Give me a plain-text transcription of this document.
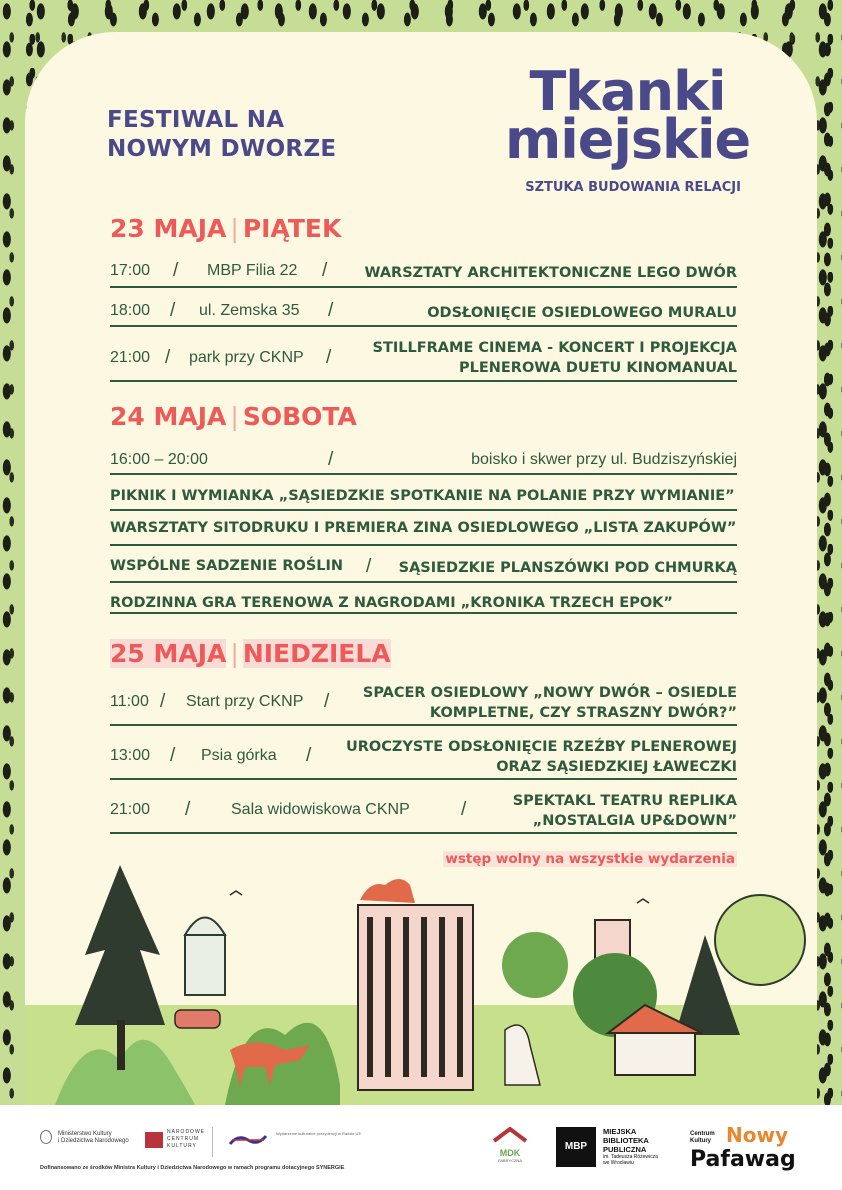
FESTIWAL NA
NOWYM DWORZE
Tkanki
miejskie
SZTUKA BUDOWANIA RELACJI
23 MAJA | PIĄTEK
17:00 / MBP Filia 22 /	WARSZTATY ARCHITEKTONICZNE LEGO DWÓR
18:00 / ul. Zemska 35 /	ODSŁONIĘCIE OSIEDLOWEGO MURALU
21:00 / park przy CKNP /	STILLFRAME CINEMA - KONCERT I PROJEKCJA
PLENEROWA DUETU KINOMANUAL
24 MAJA | SOBOTA
16:00 – 20:00	/	boisko i skwer przy ul. Budziszyńskiej
PIKNIK I WYMIANKA „SĄSIEDZKIE SPOTKANIE NA POLANIE PRZY WYMIANIE”
WARSZTATY SITODRUKU I PREMIERA ZINA OSIEDLOWEGO „LISTA ZAKUPÓW”
WSPÓLNE SADZENIE ROŚLIN / SĄSIEDZKIE PLANSZÓWKI POD CHMURKĄ
RODZINNA GRA TERENOWA Z NAGRODAMI „KRONIKA TRZECH EPOK”
25 MAJA | NIEDZIELA
11:00 / Start przy CKNP / SPACER OSIEDLOWY „NOWY DWÓR – OSIEDLE
KOMPLETNE, CZY STRASZNY DWÓR?”
13:00 / Psia górka / UROCZYSTE ODSŁONIĘCIE RZEŹBY PLENEROWEJ
ORAZ SĄSIEDZKIEJ ŁAWECZKI
21:00 /	Sala widowiskowa CKNP	/	SPEKTAKL TEATRU REPLIKA
„NOSTALGIA UP&DOWN”
wstęp wolny na wszystkie wydarzenia
Ministerstwo Kultury
i Dziedzictwa Narodowego
NARODOWE
CENTRUM
KULTURY
Wydarzenie kulturalne prezydencji w Radzie UE
Dofinansowano ze środków Ministra Kultury i Dziedzictwa Narodowego w ramach programu dotacyjnego SYNERGIE
MDK
FABRYCZNA
MBP
MIEJSKA
BIBLIOTEKA
PUBLICZNA
im. Tadeusza Różewicza
we Wrocławiu
Centrum
Kultury Nowy
Pafawag
